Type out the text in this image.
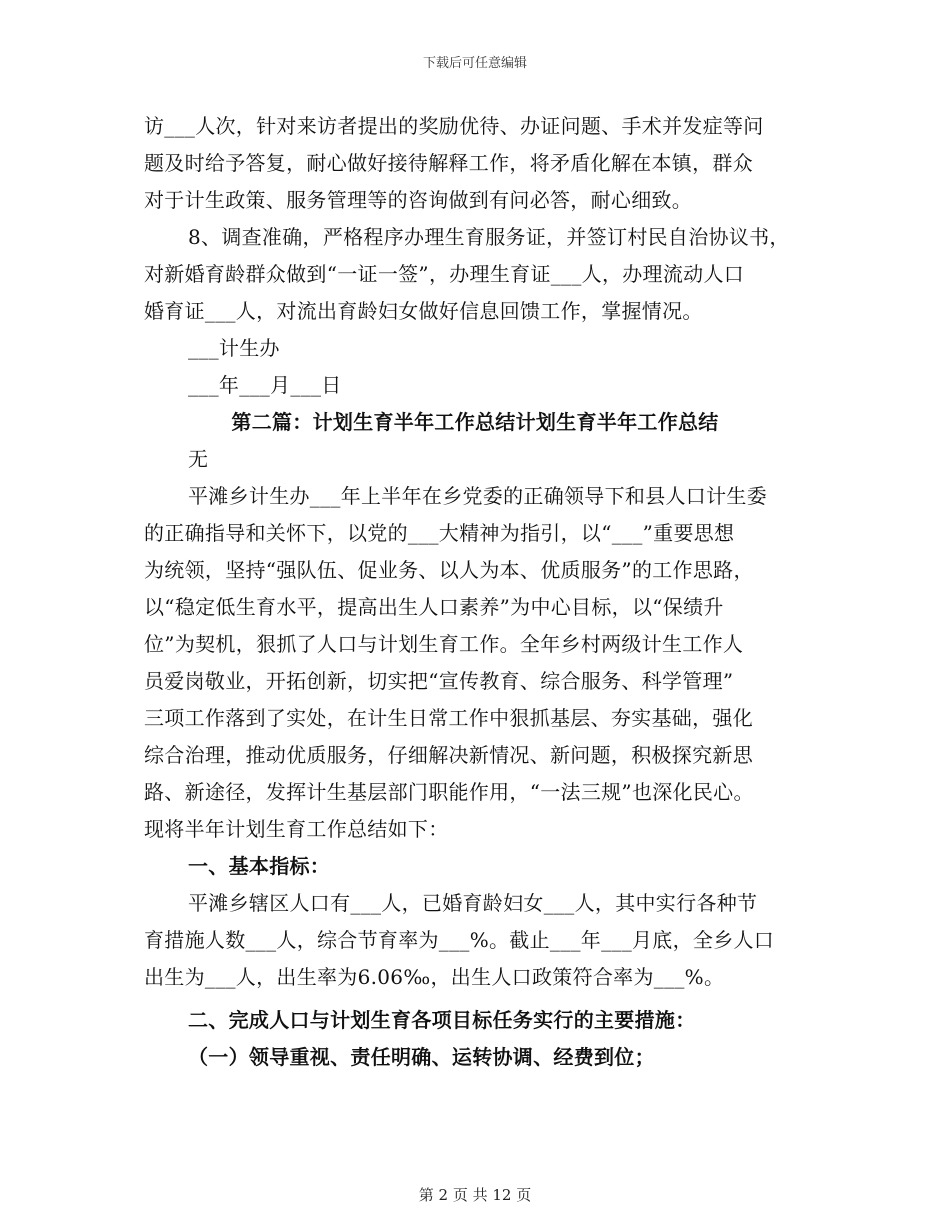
下载后可任意编辑
访___人次，针对来访者提出的奖励优待、办证问题、手术并发症等问
题及时给予答复，耐心做好接待解释工作，将矛盾化解在本镇，群众
对于计生政策、服务管理等的咨询做到有问必答，耐心细致。
8、调查准确，严格程序办理生育服务证，并签订村民自治协议书，
对新婚育龄群众做到“一证一签”，办理生育证___人，办理流动人口
婚育证___人，对流出育龄妇女做好信息回馈工作，掌握情况。
___计生办
___年___月___日
第二篇：计划生育半年工作总结计划生育半年工作总结
无
平滩乡计生办___年上半年在乡党委的正确领导下和县人口计生委
的正确指导和关怀下，以党的___大精神为指引，以“___”重要思想
为统领，坚持“强队伍、促业务、以人为本、优质服务”的工作思路，
以“稳定低生育水平，提高出生人口素养”为中心目标，以“保绩升
位”为契机，狠抓了人口与计划生育工作。全年乡村两级计生工作人
员爱岗敬业，开拓创新，切实把“宣传教育、综合服务、科学管理”
三项工作落到了实处，在计生日常工作中狠抓基层、夯实基础，强化
综合治理，推动优质服务，仔细解决新情况、新问题，积极探究新思
路、新途径，发挥计生基层部门职能作用，“一法三规”也深化民心。
现将半年计划生育工作总结如下：
一、基本指标：
平滩乡辖区人口有___人，已婚育龄妇女___人，其中实行各种节
育措施人数___人，综合节育率为___%。截止___年___月底，全乡人口
出生为___人，出生率为6.06‰，出生人口政策符合率为___%。
二、完成人口与计划生育各项目标任务实行的主要措施：
（一）领导重视、责任明确、运转协调、经费到位；
第 2 页 共 12 页
